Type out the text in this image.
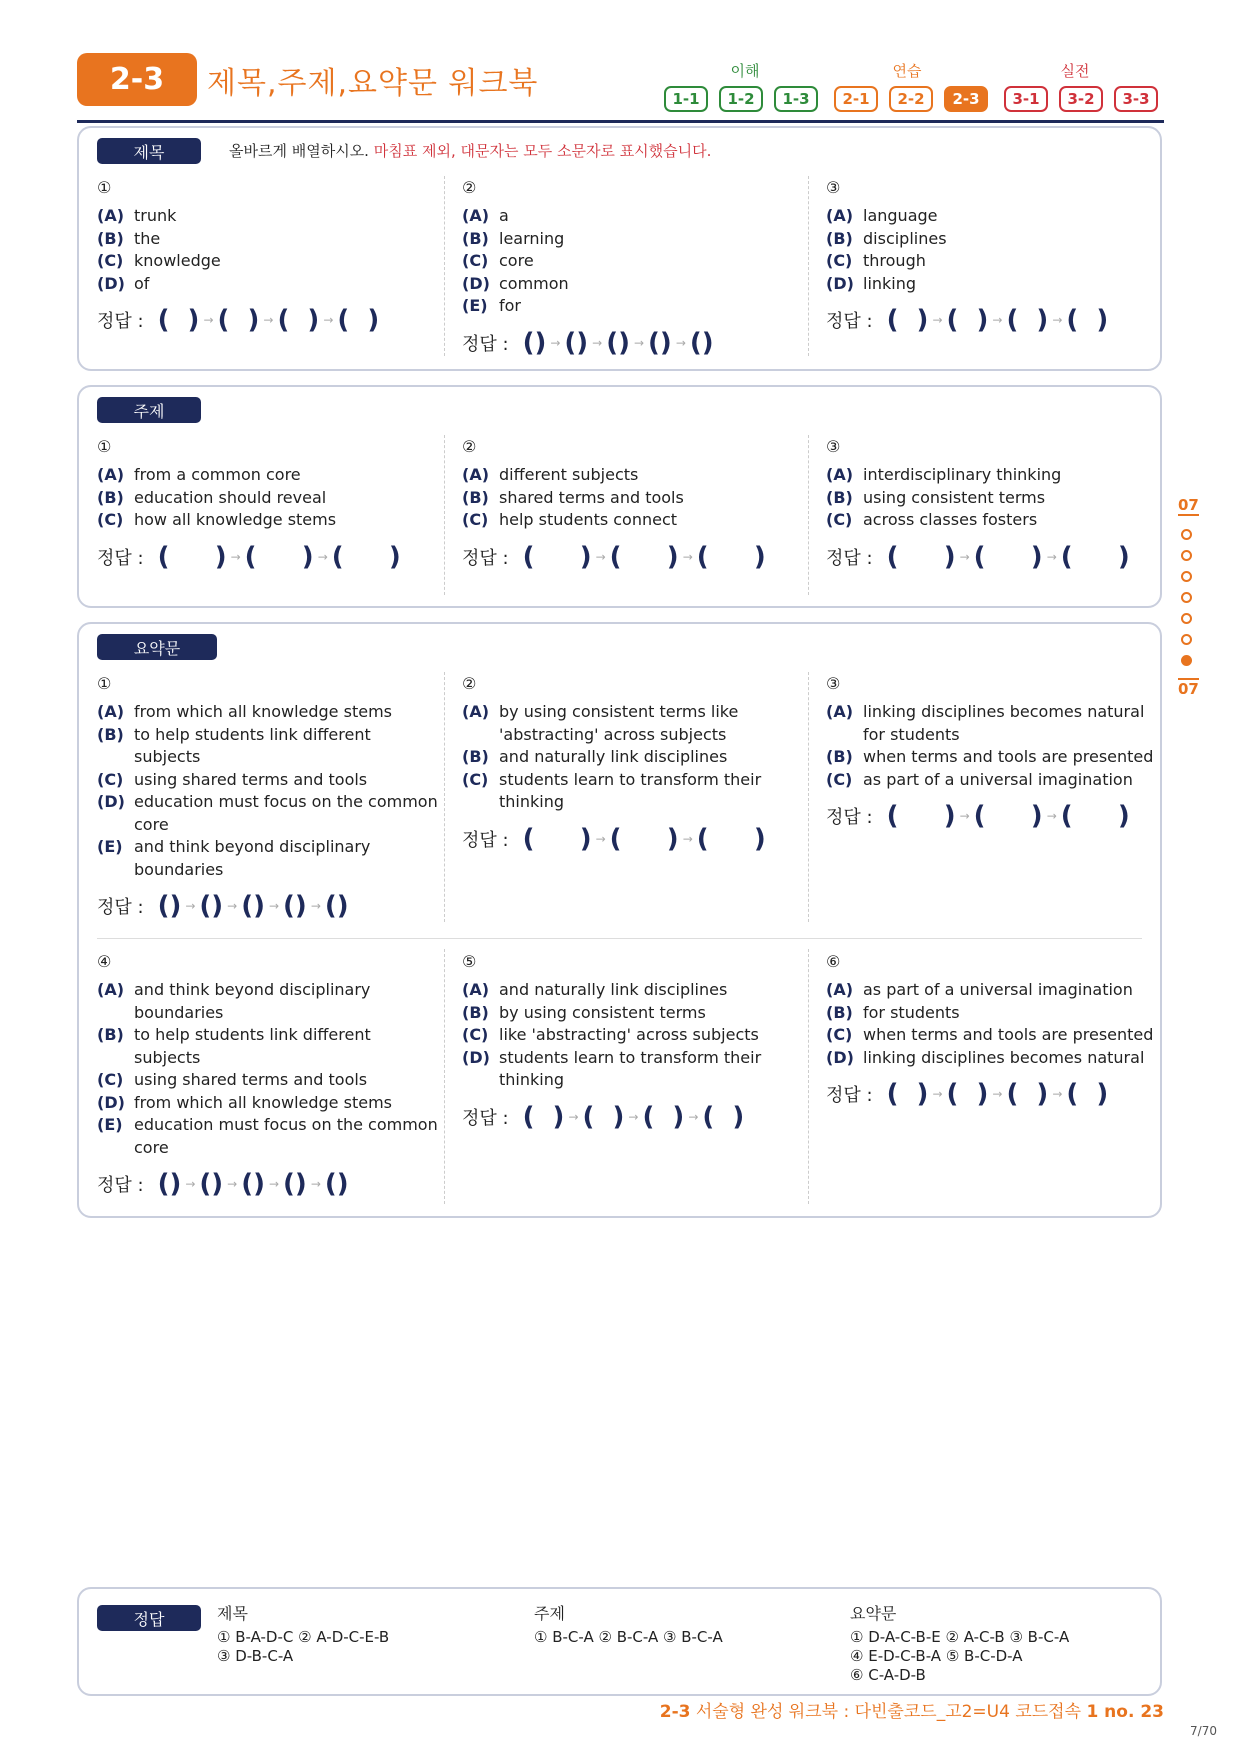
2-3	제목,주제,요약문 워크북	이해	연습	실전
1-1	1-2	1-3	2-1	2-2	2-3	3-1	3-2	3-3
제목	올바르게 배열하시오. 마침표 제외, 대문자는 모두 소문자로 표시했습니다.
①
(A) trunk
(B) the
(C) knowledge
(D) of
정답 : (  ) → (  ) → (  ) → (  )
②
(A) a
(B) learning
(C) core
(D) common
(E) for
정답 : () → () → () → () → ()
③
(A) language
(B) disciplines
(C) through
(D) linking
정답 : (  ) → (  ) → (  ) → (  )
주제
①
(A) from a common core
(B) education should reveal
(C) how all knowledge stems
정답 : (     ) → (     ) → (     )
②
(A) different subjects
(B) shared terms and tools
(C) help students connect
정답 : (     ) → (     ) → (     )
③
(A) interdisciplinary thinking
(B) using consistent terms
(C) across classes fosters
정답 : (     ) → (     ) → (     )
요약문
①
(A) from which all knowledge stems
(B) to help students link different subjects
(C) using shared terms and tools
(D) education must focus on the common core
(E) and think beyond disciplinary boundaries
정답 : () → () → () → () → ()
②
(A) by using consistent terms like 'abstracting' across subjects
(B) and naturally link disciplines
(C) students learn to transform their thinking
정답 : (     ) → (     ) → (     )
③
(A) linking disciplines becomes natural for students
(B) when terms and tools are presented
(C) as part of a universal imagination
정답 : (     ) → (     ) → (     )
④
(A) and think beyond disciplinary boundaries
(B) to help students link different subjects
(C) using shared terms and tools
(D) from which all knowledge stems
(E) education must focus on the common core
정답 : () → () → () → () → ()
⑤
(A) and naturally link disciplines
(B) by using consistent terms
(C) like 'abstracting' across subjects
(D) students learn to transform their thinking
정답 : (  ) → (  ) → (  ) → (  )
⑥
(A) as part of a universal imagination
(B) for students
(C) when terms and tools are presented
(D) linking disciplines becomes natural
정답 : (  ) → (  ) → (  ) → (  )
07
07
정답	제목
① B-A-D-C ② A-D-C-E-B
③ D-B-C-A
주제
① B-C-A ② B-C-A ③ B-C-A
요약문
① D-A-C-B-E ② A-C-B ③ B-C-A
④ E-D-C-B-A ⑤ B-C-D-A
⑥ C-A-D-B
2-3 서술형 완성 워크북 : 다빈출코드_고2=U4 코드접속 1 no. 23
7/70
